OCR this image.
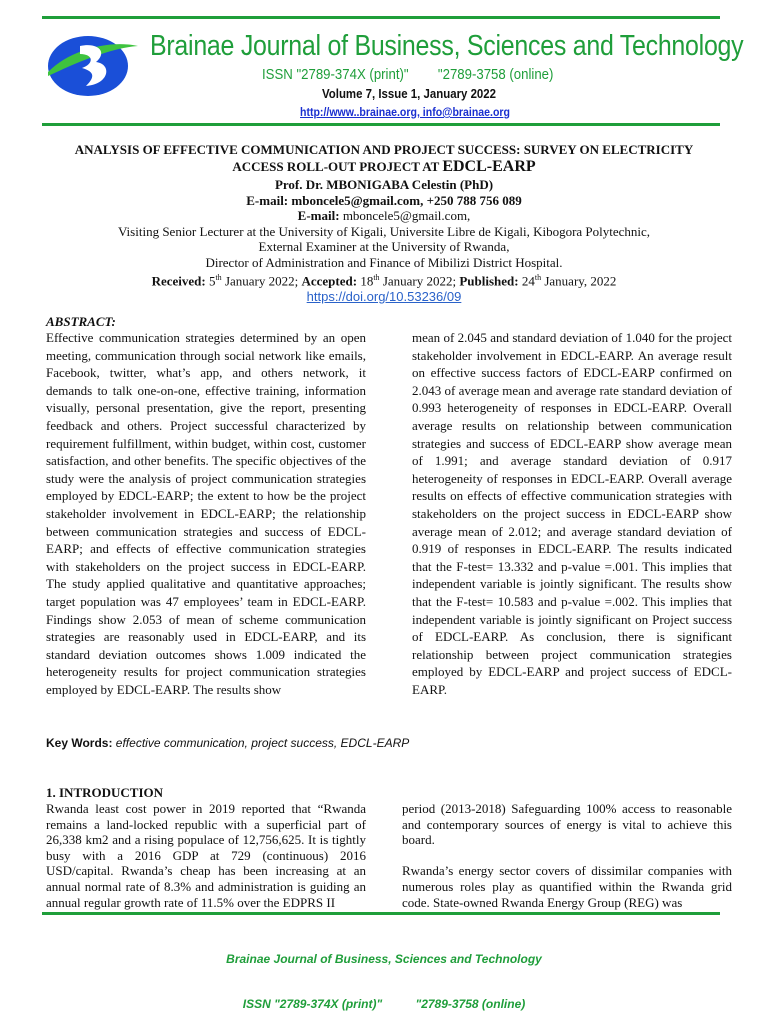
Brainae Journal of Business, Sciences and Technology
ISSN "2789-374X (print)"        "2789-3758 (online)
Volume 7, Issue 1, January 2022
http://www..brainae.org, info@brainae.org
ANALYSIS OF EFFECTIVE COMMUNICATION AND PROJECT SUCCESS: SURVEY ON ELECTRICITY
ACCESS ROLL-OUT PROJECT AT EDCL-EARP
Prof. Dr. MBONIGABA Celestin (PhD)
E-mail: mboncele5@gmail.com, +250 788 756 089
E-mail: mboncele5@gmail.com,
Visiting Senior Lecturer at the University of Kigali, Universite Libre de Kigali, Kibogora Polytechnic,
External Examiner at the University of Rwanda,
Director of Administration and Finance of Mibilizi District Hospital.
Received: 5th January 2022; Accepted: 18th January 2022; Published: 24th January, 2022
https://doi.org/10.53236/09
ABSTRACT:

Effective communication strategies determined by an open meeting, communication through social network like emails, Facebook, twitter, what’s app, and others network, it demands to talk one-on-one, effective training, information visually, personal presentation, give the report, presenting feedback and others. Project successful characterized by requirement fulfillment, within budget, within cost, customer satisfaction, and other benefits. The specific objectives of the study were the analysis of project communication strategies employed by EDCL-EARP; the extent to how be the project stakeholder involvement in EDCL-EARP; the relationship between communication strategies and success of EDCL-EARP; and effects of effective communication strategies with stakeholders on the project success in EDCL-EARP. The study applied qualitative and quantitative approaches; target population was 47 employees’ team in EDCL-EARP. Findings show 2.053 of mean of scheme communication strategies are reasonably used in EDCL-EARP, and its standard deviation outcomes shows 1.009 indicated the heterogeneity results for project communication strategies employed by EDCL-EARP. The results show

mean of 2.045 and standard deviation of 1.040 for the project stakeholder involvement in EDCL-EARP. An average result on effective success factors of EDCL-EARP confirmed on 2.043 of average mean and average rate standard deviation of 0.993 heterogeneity of responses in EDCL-EARP. Overall average results on relationship between communication strategies and success of EDCL-EARP show average mean of 1.991; and average standard deviation of 0.917 heterogeneity of responses in EDCL-EARP. Overall average results on effects of effective communication strategies with stakeholders on the project success in EDCL-EARP show average mean of 2.012; and average standard deviation of 0.919 of responses in EDCL-EARP. The results indicated that the F-test= 13.332 and p-value =.001. This implies that independent variable is jointly significant. The results show that the F-test= 10.583 and p-value =.002. This implies that independent variable is jointly significant on Project success of EDCL-EARP. As conclusion, there is significant relationship between project communication strategies employed by EDCL-EARP and project success of EDCL-EARP.

Key Words: effective communication, project success, EDCL-EARP
1. INTRODUCTION

Rwanda least cost power in 2019 reported that “Rwanda remains a land-locked republic with a superficial part of 26,338 km2 and a rising populace of 12,756,625. It is tightly busy with a 2016 GDP at 729 (continuous) 2016 USD/capital. Rwanda’s cheap has been increasing at an annual normal rate of 8.3% and administration is guiding an annual regular growth rate of 11.5% over the EDPRS II

period (2013-2018) Safeguarding 100% access to reasonable and contemporary sources of energy is vital to achieve this board.

Rwanda’s energy sector covers of dissimilar companies with numerous roles play as quantified within the Rwanda grid code. State-owned Rwanda Energy Group (REG) was

Brainae Journal of Business, Sciences and Technology

ISSN "2789-374X (print)"          "2789-3758 (online)
